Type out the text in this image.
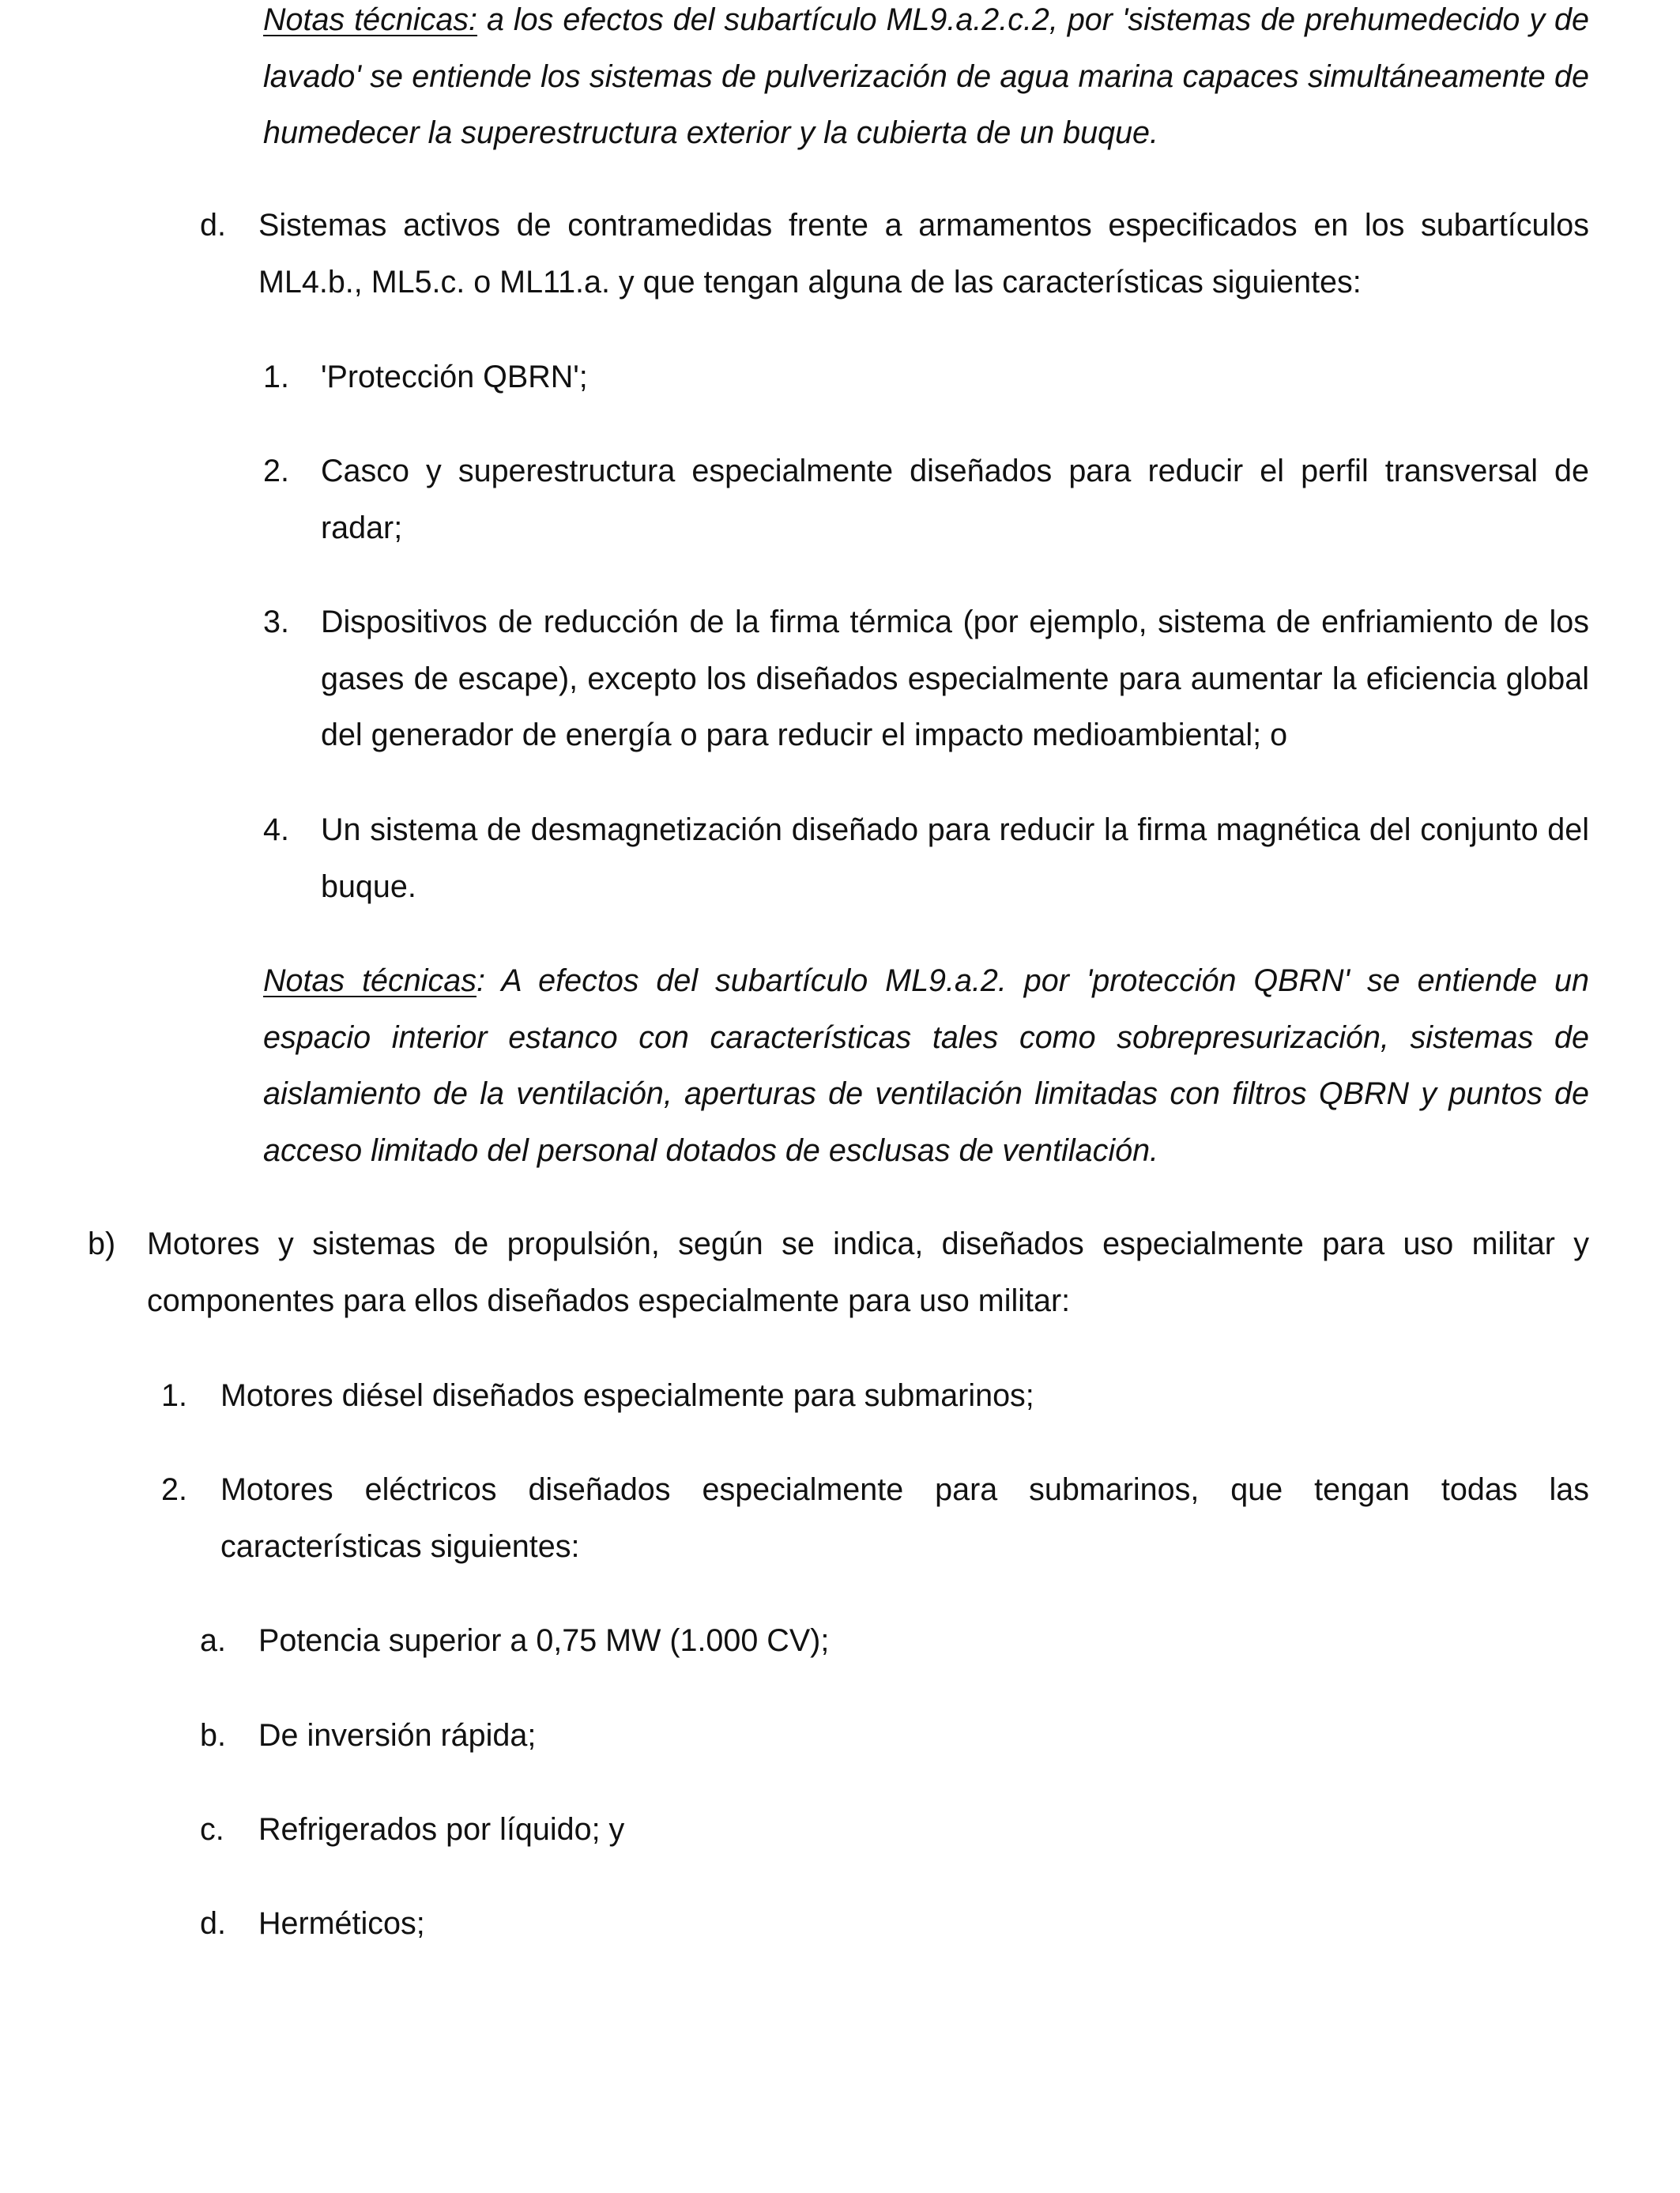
Notas técnicas: a los efectos del subartículo ML9.a.2.c.2, por 'sistemas de prehumedecido y de lavado' se entiende los sistemas de pulverización de agua marina capaces simultáneamente de humedecer la superestructura exterior y la cubierta de un buque.

d. Sistemas activos de contramedidas frente a armamentos especificados en los subartículos ML4.b., ML5.c. o ML11.a. y que tengan alguna de las características siguientes:

1. 'Protección QBRN';

2. Casco y superestructura especialmente diseñados para reducir el perfil transversal de radar;

3. Dispositivos de reducción de la firma térmica (por ejemplo, sistema de enfriamiento de los gases de escape), excepto los diseñados especialmente para aumentar la eficiencia global del generador de energía o para reducir el impacto medioambiental; o

4. Un sistema de desmagnetización diseñado para reducir la firma magnética del conjunto del buque.

Notas técnicas: A efectos del subartículo ML9.a.2. por 'protección QBRN' se entiende un espacio interior estanco con características tales como sobrepresurización, sistemas de aislamiento de la ventilación, aperturas de ventilación limitadas con filtros QBRN y puntos de acceso limitado del personal dotados de esclusas de ventilación.

b) Motores y sistemas de propulsión, según se indica, diseñados especialmente para uso militar y componentes para ellos diseñados especialmente para uso militar:

1. Motores diésel diseñados especialmente para submarinos;

2. Motores eléctricos diseñados especialmente para submarinos, que tengan todas las características siguientes:

a. Potencia superior a 0,75 MW (1.000 CV);

b. De inversión rápida;

c. Refrigerados por líquido; y

d. Herméticos;
